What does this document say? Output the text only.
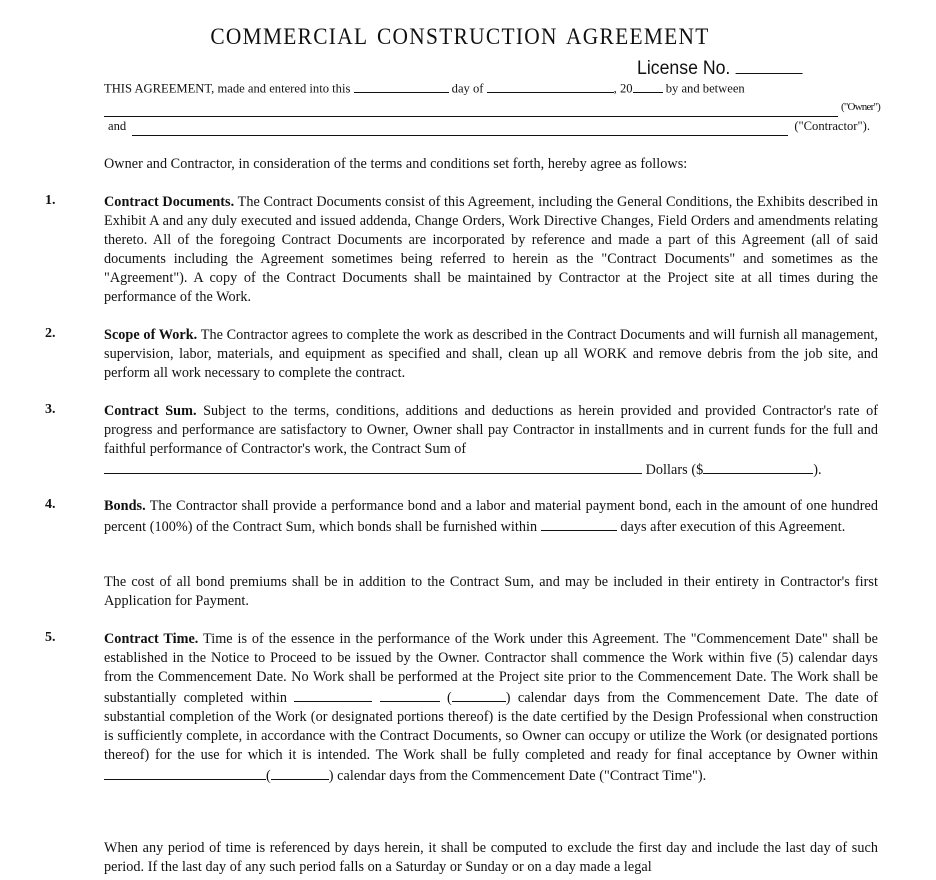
COMMERCIAL CONSTRUCTION AGREEMENT
License No.
THIS AGREEMENT, made and entered into this	day of	, 20	by and between
("Owner")
and	("Contractor").
Owner and Contractor, in consideration of the terms and conditions set forth, hereby agree as follows:
1.	Contract Documents. The Contract Documents consist of this Agreement, including the General Conditions, the Exhibits described in Exhibit A and any duly executed and issued addenda, Change Orders, Work Directive Changes, Field Orders and amendments relating thereto. All of the foregoing Contract Documents are incorporated by reference and made a part of this Agreement (all of said documents including the Agreement sometimes being referred to herein as the "Contract Documents" and sometimes as the "Agreement"). A copy of the Contract Documents shall be maintained by Contractor at the Project site at all times during the performance of the Work.
2.	Scope of Work. The Contractor agrees to complete the work as described in the Contract Documents and will furnish all management, supervision, labor, materials, and equipment as specified and shall, clean up all WORK and remove debris from the job site, and perform all work necessary to complete the contract.
3.	Contract Sum. Subject to the terms, conditions, additions and deductions as herein provided and provided Contractor's rate of progress and performance are satisfactory to Owner, Owner shall pay Contractor in installments and in current funds for the full and faithful performance of Contractor's work, the Contract Sum of
Dollars ($	).
4.	Bonds. The Contractor shall provide a performance bond and a labor and material payment bond, each in the amount of one hundred percent (100%) of the Contract Sum, which bonds shall be furnished within	days after execution of this Agreement.
The cost of all bond premiums shall be in addition to the Contract Sum, and may be included in their entirety in Contractor's first Application for Payment.
5.	Contract Time. Time is of the essence in the performance of the Work under this Agreement. The "Commencement Date" shall be established in the Notice to Proceed to be issued by the Owner. Contractor shall commence the Work within five (5) calendar days from the Commencement Date. No Work shall be performed at the Project site prior to the Commencement Date. The Work shall be substantially completed within	(	) calendar days from the Commencement Date. The date of substantial completion of the Work (or designated portions thereof) is the date certified by the Design Professional when construction is sufficiently complete, in accordance with the Contract Documents, so Owner can occupy or utilize the Work (or designated portions thereof) for the use for which it is intended. The Work shall be fully completed and ready for final acceptance by Owner within (	) calendar days from the Commencement Date ("Contract Time").
When any period of time is referenced by days herein, it shall be computed to exclude the first day and include the last day of such period. If the last day of any such period falls on a Saturday or Sunday or on a day made a legal
